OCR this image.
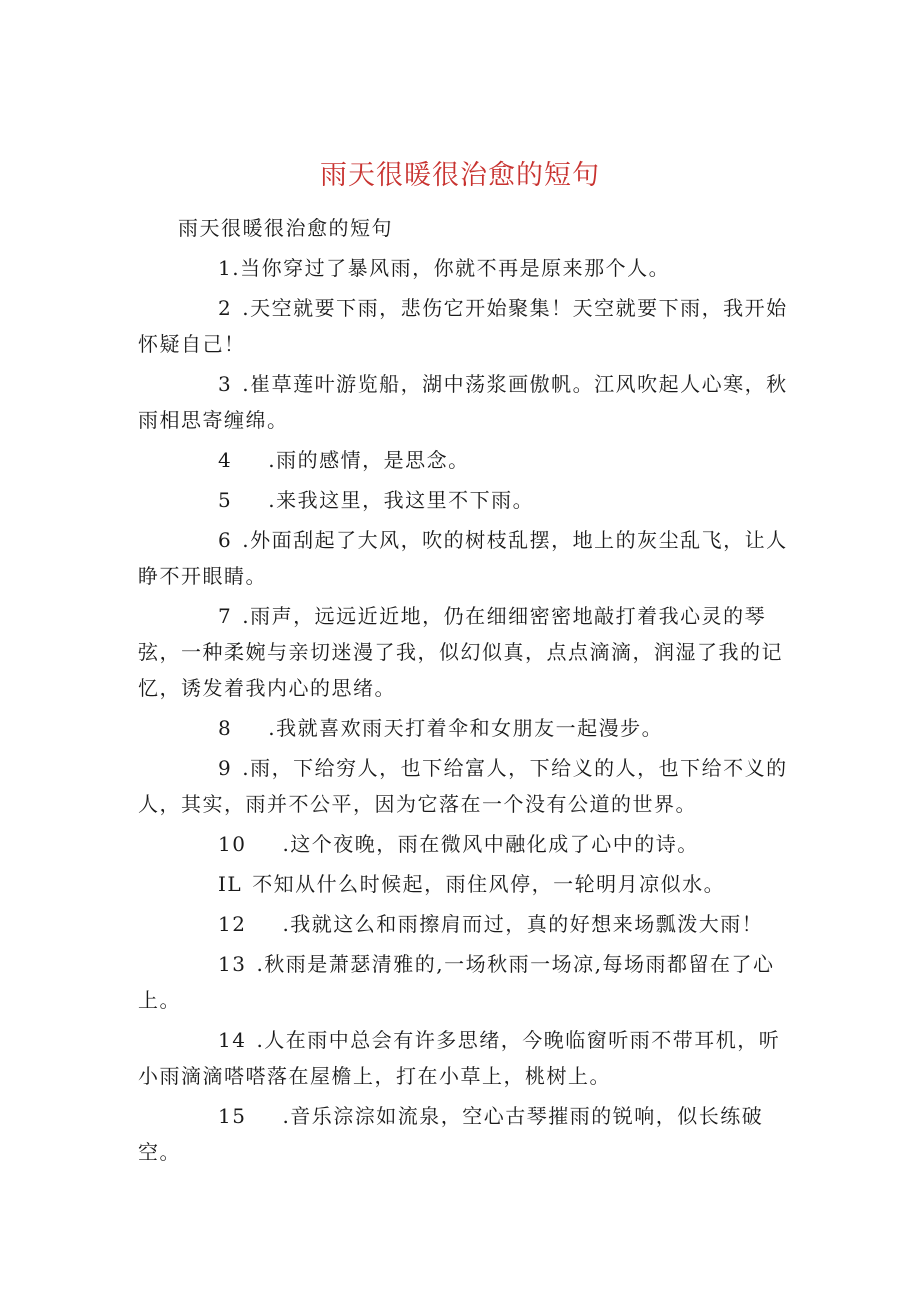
雨天很暖很治愈的短句

雨天很暖很治愈的短句

1.当你穿过了暴风雨，你就不再是原来那个人。

2 .天空就要下雨，悲伤它开始聚集！天空就要下雨，我开始怀疑自己！

3 .崔草莲叶游览船，湖中荡浆画傲帆。江风吹起人心寒，秋雨相思寄缠绵。

4 .雨的感情，是思念。

5 .来我这里，我这里不下雨。

6 .外面刮起了大风，吹的树枝乱摆，地上的灰尘乱飞，让人睁不开眼睛。

7 .雨声，远远近近地，仍在细细密密地敲打着我心灵的琴弦，一种柔婉与亲切迷漫了我，似幻似真，点点滴滴，润湿了我的记忆，诱发着我内心的思绪。

8 .我就喜欢雨天打着伞和女朋友一起漫步。

9 .雨，下给穷人，也下给富人，下给义的人，也下给不义的人，其实，雨并不公平，因为它落在一个没有公道的世界。

10 .这个夜晚，雨在微风中融化成了心中的诗。

IL 不知从什么时候起，雨住风停，一轮明月凉似水。

12 .我就这么和雨擦肩而过，真的好想来场瓢泼大雨！

13 .秋雨是萧瑟清雅的,一场秋雨一场凉,每场雨都留在了心上。

14 .人在雨中总会有许多思绪，今晚临窗听雨不带耳机，听小雨滴滴嗒嗒落在屋檐上，打在小草上，桃树上。

15 .音乐淙淙如流泉，空心古琴摧雨的锐响，似长练破空。
